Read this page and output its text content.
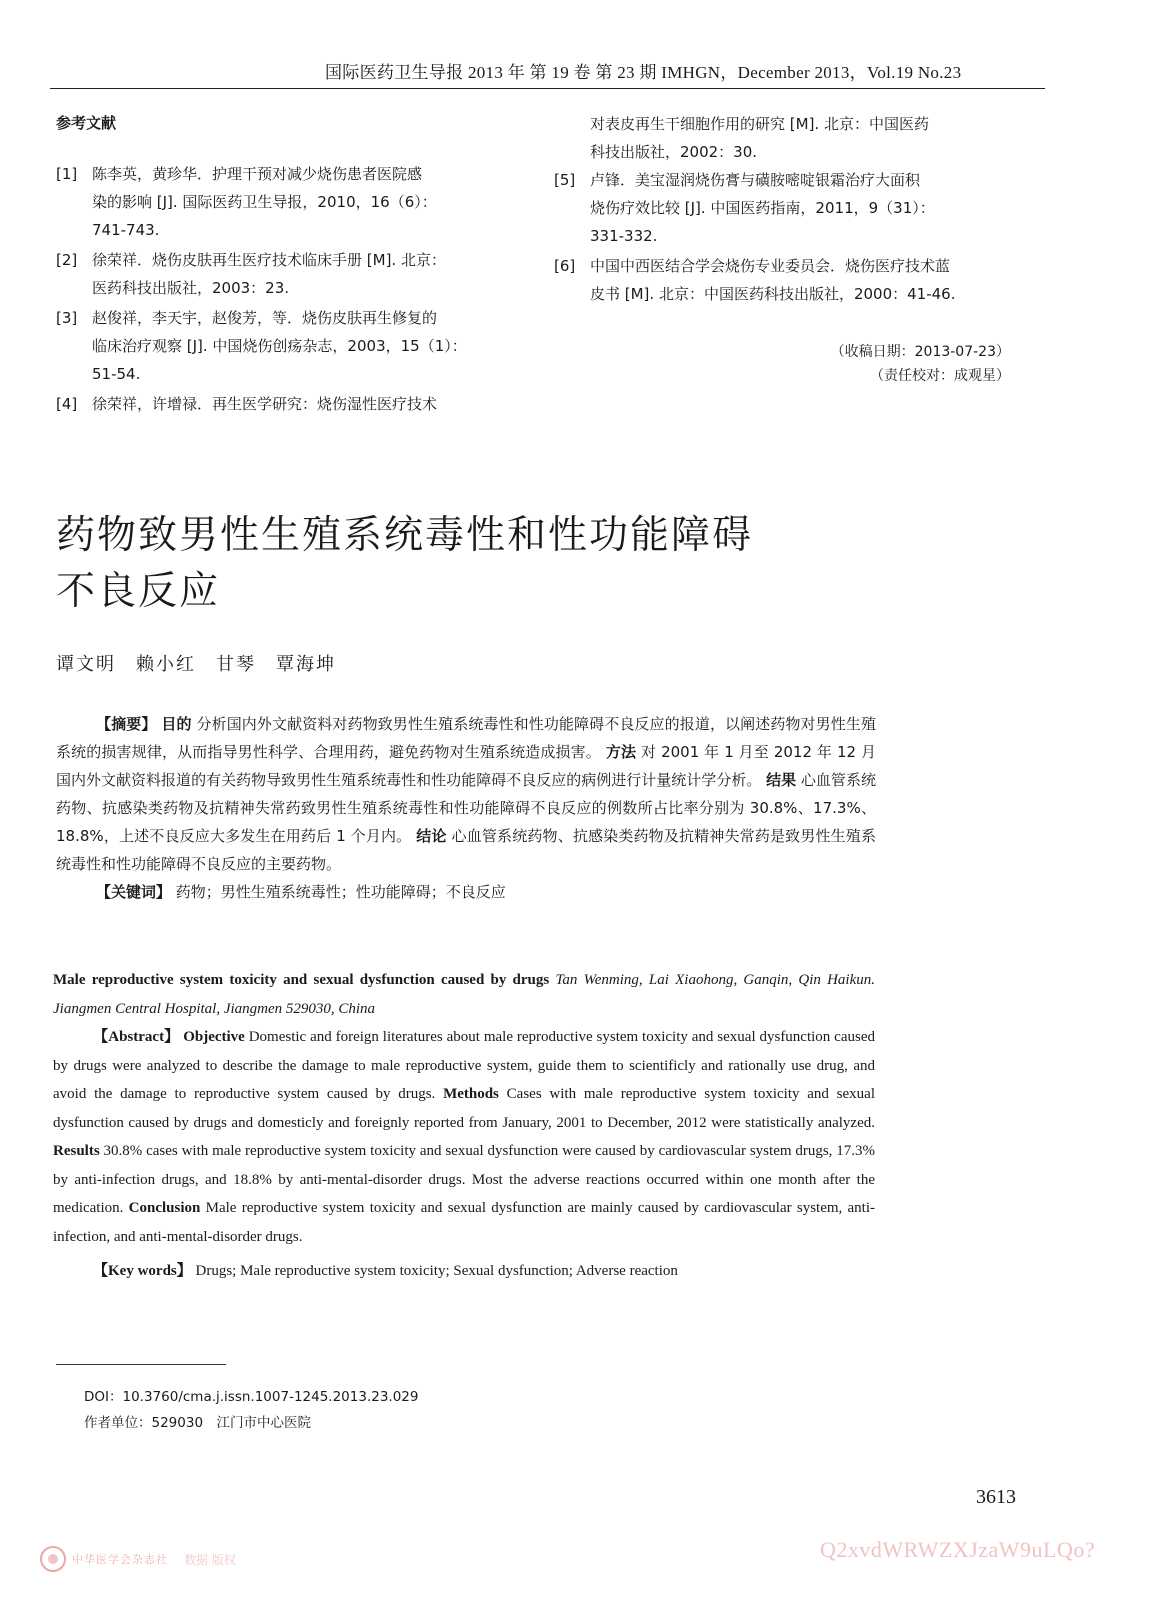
国际医药卫生导报 2013 年 第 19 卷 第 23 期 IMHGN，December 2013，Vol.19 No.23
参考文献
[1] 陈李英，黄珍华．护理干预对减少烧伤患者医院感
染的影响 [J]. 国际医药卫生导报，2010，16（6）：
741-743.
[2] 徐荣祥．烧伤皮肤再生医疗技术临床手册 [M]. 北京：
医药科技出版社，2003：23.
[3] 赵俊祥，李天宇，赵俊芳，等．烧伤皮肤再生修复的
临床治疗观察 [J]. 中国烧伤创疡杂志，2003，15（1）：
51-54.
[4] 徐荣祥，许增禄．再生医学研究：烧伤湿性医疗技术
对表皮再生干细胞作用的研究 [M]. 北京：中国医药
科技出版社，2002：30.
[5] 卢锋．美宝湿润烧伤膏与磺胺嘧啶银霜治疗大面积
烧伤疗效比较 [J]. 中国医药指南，2011，9（31）：
331-332.
[6] 中国中西医结合学会烧伤专业委员会．烧伤医疗技术蓝
皮书 [M]. 北京：中国医药科技出版社，2000：41-46.
（收稿日期：2013-07-23）
（责任校对：成观星）
药物致男性生殖系统毒性和性功能障碍
不良反应
谭文明　赖小红　甘琴　覃海坤
【摘要】 目的 分析国内外文献资料对药物致男性生殖系统毒性和性功能障碍不良反应的报道，以阐述药物对男性生殖系统的损害规律，从而指导男性科学、合理用药，避免药物对生殖系统造成损害。 方法 对 2001 年 1 月至 2012 年 12 月国内外文献资料报道的有关药物导致男性生殖系统毒性和性功能障碍不良反应的病例进行计量统计学分析。 结果 心血管系统药物、抗感染类药物及抗精神失常药致男性生殖系统毒性和性功能障碍不良反应的例数所占比率分别为 30.8%、17.3%、18.8%，上述不良反应大多发生在用药后 1 个月内。 结论 心血管系统药物、抗感染类药物及抗精神失常药是致男性生殖系统毒性和性功能障碍不良反应的主要药物。
【关键词】 药物；男性生殖系统毒性；性功能障碍；不良反应
Male reproductive system toxicity and sexual dysfunction caused by drugs Tan Wenming, Lai Xiaohong, Ganqin, Qin Haikun. Jiangmen Central Hospital, Jiangmen 529030, China
【Abstract】 Objective Domestic and foreign literatures about male reproductive system toxicity and sexual dysfunction caused by drugs were analyzed to describe the damage to male reproductive system, guide them to scientificly and rationally use drug, and avoid the damage to reproductive system caused by drugs. Methods Cases with male reproductive system toxicity and sexual dysfunction caused by drugs and domesticly and foreignly reported from January, 2001 to December, 2012 were statistically analyzed. Results 30.8% cases with male reproductive system toxicity and sexual dysfunction were caused by cardiovascular system drugs, 17.3% by anti-infection drugs, and 18.8% by anti-mental-disorder drugs. Most the adverse reactions occurred within one month after the medication. Conclusion Male reproductive system toxicity and sexual dysfunction are mainly caused by cardiovascular system, anti-infection, and anti-mental-disorder drugs.
【Key words】 Drugs; Male reproductive system toxicity; Sexual dysfunction; Adverse reaction
DOI：10.3760/cma.j.issn.1007-1245.2013.23.029
作者单位：529030　江门市中心医院
3613
中华医学会杂志社 数据 版权	Q2xvdWRWZXJzaW9uLQo?
